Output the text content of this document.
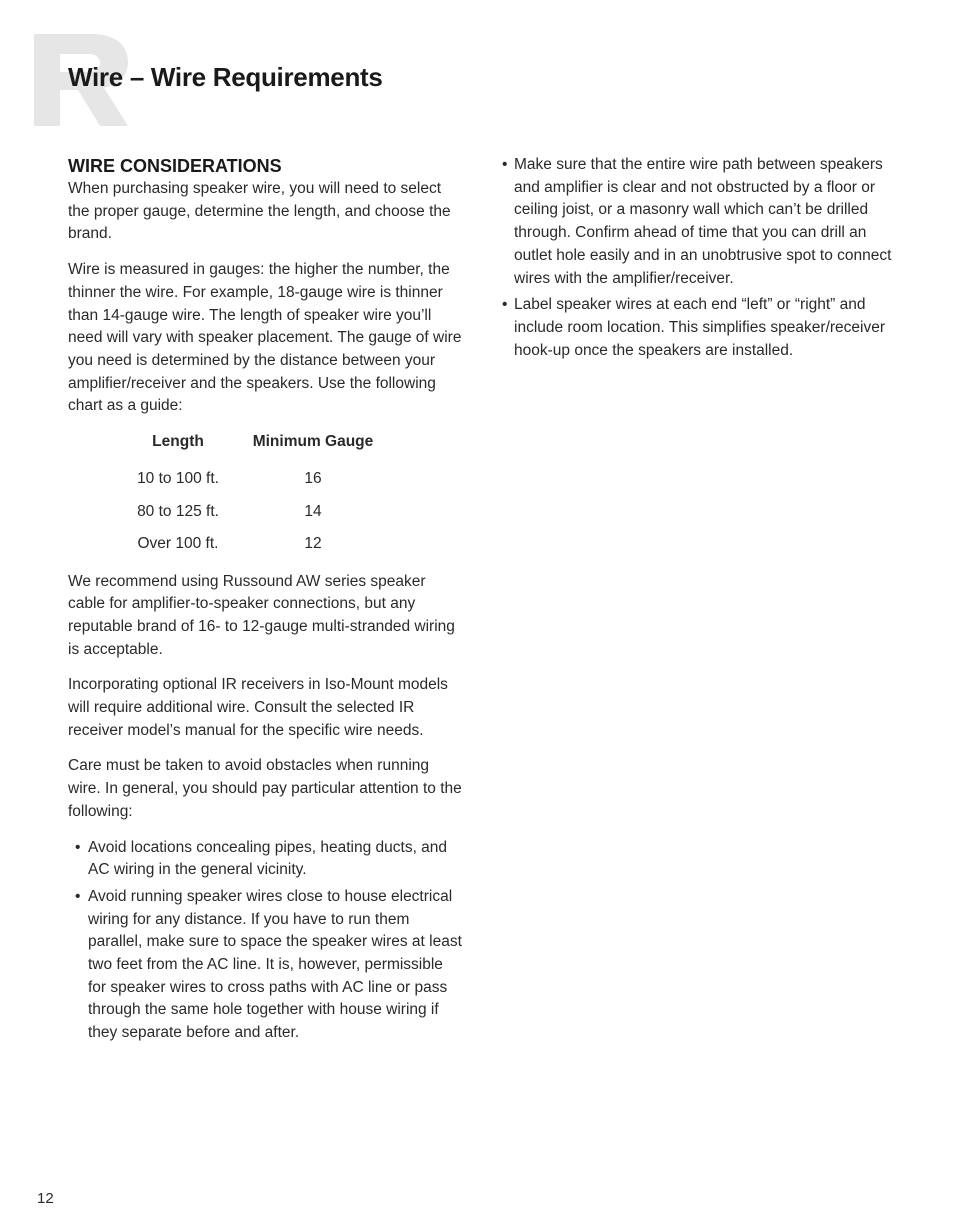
Wire – Wire Requirements
WIRE CONSIDERATIONS

When purchasing speaker wire, you will need to select the proper gauge, determine the length, and choose the brand.

Wire is measured in gauges: the higher the number, the thinner the wire. For example, 18-gauge wire is thinner than 14-gauge wire. The length of speaker wire you’ll need will vary with speaker placement. The gauge of wire you need is determined by the distance between your amplifier/receiver and the speakers. Use the following chart as a guide:

Length	Minimum Gauge
10 to 100 ft.	16
80 to 125 ft.	14
Over 100 ft.	12

We recommend using Russound AW series speaker cable for amplifier-to-speaker connections, but any reputable brand of 16- to 12-gauge multi-stranded wiring is acceptable.

Incorporating optional IR receivers in Iso-Mount models will require additional wire. Consult the selected IR receiver model’s manual for the specific wire needs.

Care must be taken to avoid obstacles when running wire. In general, you should pay particular attention to the following:

• Avoid locations concealing pipes, heating ducts, and AC wiring in the general vicinity.
• Avoid running speaker wires close to house electrical wiring for any distance. If you have to run them parallel, make sure to space the speaker wires at least two feet from the AC line. It is, however, permissible for speaker wires to cross paths with AC line or pass through the same hole together with house wiring if they separate before and after.
• Make sure that the entire wire path between speakers and amplifier is clear and not obstructed by a floor or ceiling joist, or a masonry wall which can’t be drilled through. Confirm ahead of time that you can drill an outlet hole easily and in an unobtrusive spot to connect wires with the amplifier/receiver.
• Label speaker wires at each end “left” or “right” and include room location. This simplifies speaker/receiver hook-up once the speakers are installed.
12
